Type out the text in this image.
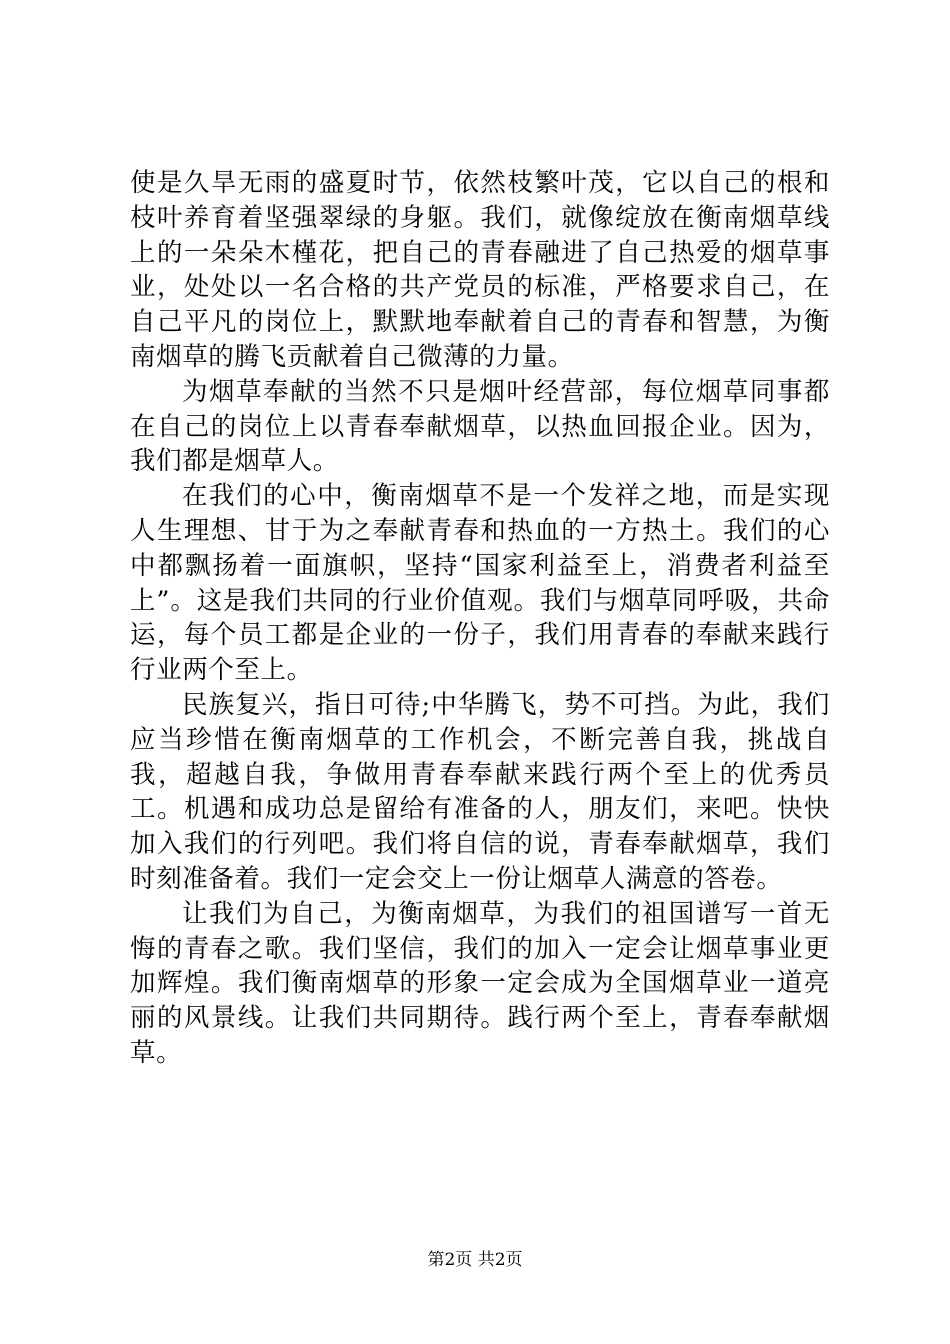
使是久旱无雨的盛夏时节，依然枝繁叶茂，它以自己的根和枝叶养育着坚强翠绿的身躯。我们，就像绽放在衡南烟草线上的一朵朵木槿花，把自己的青春融进了自己热爱的烟草事业，处处以一名合格的共产党员的标准，严格要求自己，在自己平凡的岗位上，默默地奉献着自己的青春和智慧，为衡南烟草的腾飞贡献着自己微薄的力量。

为烟草奉献的当然不只是烟叶经营部，每位烟草同事都在自己的岗位上以青春奉献烟草，以热血回报企业。因为，我们都是烟草人。

在我们的心中，衡南烟草不是一个发祥之地，而是实现人生理想、甘于为之奉献青春和热血的一方热土。我们的心中都飘扬着一面旗帜，坚持“国家利益至上，消费者利益至上”。这是我们共同的行业价值观。我们与烟草同呼吸，共命运，每个员工都是企业的一份子，我们用青春的奉献来践行行业两个至上。

民族复兴，指日可待;中华腾飞，势不可挡。为此，我们应当珍惜在衡南烟草的工作机会，不断完善自我，挑战自我，超越自我，争做用青春奉献来践行两个至上的优秀员工。机遇和成功总是留给有准备的人，朋友们，来吧。快快加入我们的行列吧。我们将自信的说，青春奉献烟草，我们时刻准备着。我们一定会交上一份让烟草人满意的答卷。

让我们为自己，为衡南烟草，为我们的祖国谱写一首无悔的青春之歌。我们坚信，我们的加入一定会让烟草事业更加辉煌。我们衡南烟草的形象一定会成为全国烟草业一道亮丽的风景线。让我们共同期待。践行两个至上，青春奉献烟草。

第2页 共2页
